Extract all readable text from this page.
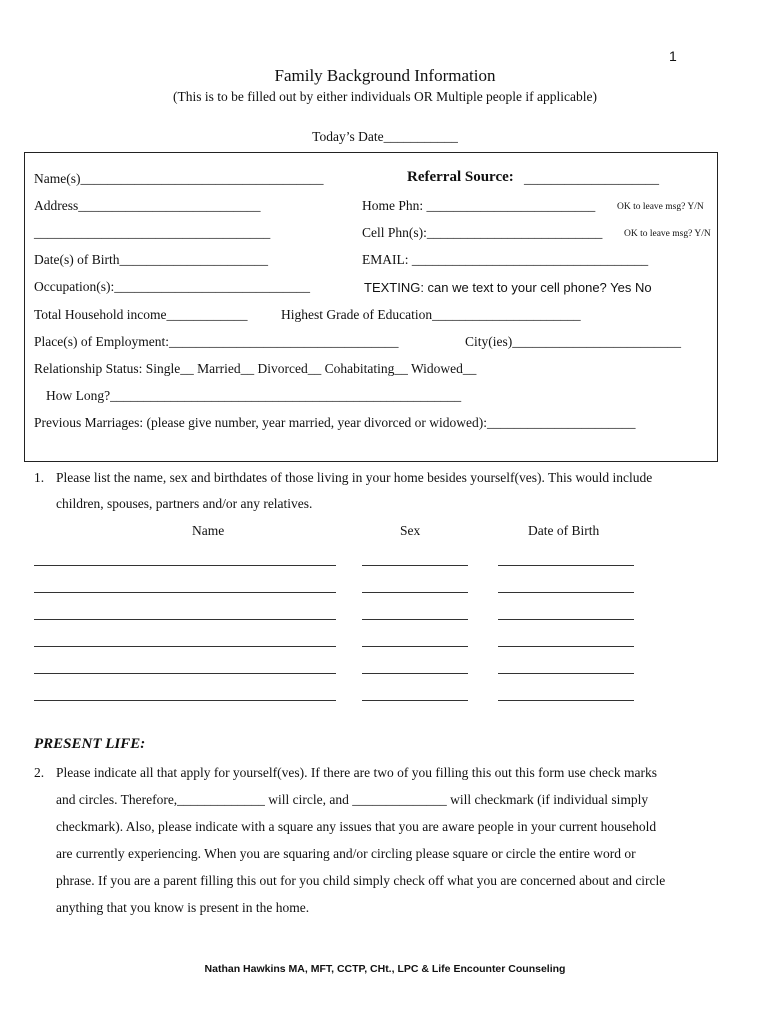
1
Family Background Information
(This is to be filled out by either individuals OR Multiple people if applicable)
Today’s Date___________
Name(s)____________________________________	Referral Source: ____________________
Address___________________________	Home Phn: _________________________ OK to leave msg? Y/N
___________________________________	Cell Phn(s):__________________________ OK to leave msg? Y/N
Date(s) of Birth______________________	EMAIL: ___________________________________
Occupation(s):_____________________________	TEXTING: can we text to your cell phone? Yes No
Total Household income____________ Highest Grade of Education______________________
Place(s) of Employment:__________________________________	City(ies)_________________________
Relationship Status: Single__ Married__ Divorced__ Cohabitating__ Widowed__
How Long?____________________________________________________
Previous Marriages: (please give number, year married, year divorced or widowed):______________________
1. Please list the name, sex and birthdates of those living in your home besides yourself(ves). This would include
children, spouses, partners and/or any relatives.
Name	Sex	Date of Birth
PRESENT LIFE:
2. Please indicate all that apply for yourself(ves). If there are two of you filling this out this form use check marks
and circles. Therefore,_____________ will circle, and ______________ will checkmark (if individual simply
checkmark). Also, please indicate with a square any issues that you are aware people in your current household
are currently experiencing. When you are squaring and/or circling please square or circle the entire word or
phrase. If you are a parent filling this out for you child simply check off what you are concerned about and circle
anything that you know is present in the home.
Nathan Hawkins MA, MFT, CCTP, CHt., LPC & Life Encounter Counseling
